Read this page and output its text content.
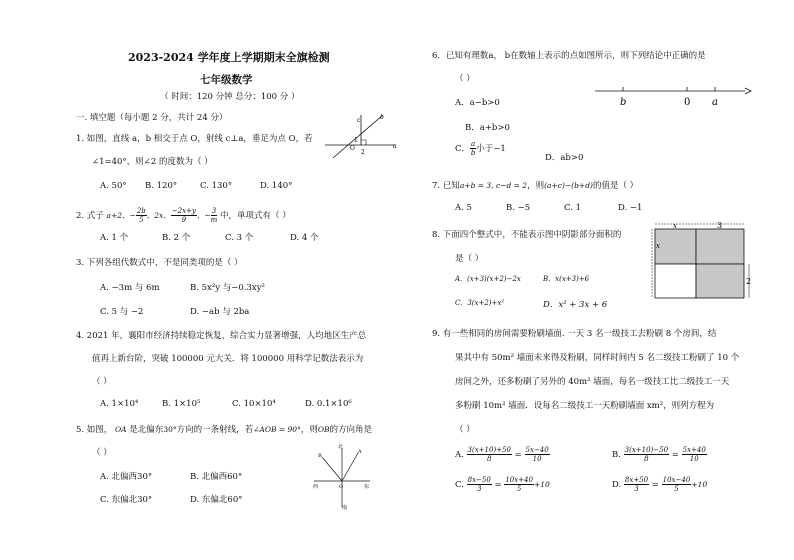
2023-2024 学年度上学期期末全旗检测
七年级数学
（ 时间：120 分钟 总分：100 分 ）
一. 填空题（每小题 2 分，共计 24 分）
1. 如图，直线 a，b 相交于点 O，射线 c⊥a，垂足为点 O，若
∠1=40°，则∠2 的度数为（ ）
A. 50° B. 120°	C. 130°	D. 140°
c
1
2
a
b
O
2. 式子 a+2、− $\frac{2b}{5}$ 、2x、 $\frac{-2x+y}{9}$ 、− $\frac{3}{m}$ 中，单项式有（ ）
A. 1 个	B. 2 个	C. 3 个	D. 4 个
3. 下列各组代数式中，不是同类项的是（ ）
A. −3m 与 6m	B. 5x²y 与−0.3xy²
C. 5 与 −2	D. −ab 与 2ba
4. 2021 年，襄阳市经济持续稳定恢复，综合实力显著增强，人均地区生产总
值再上新台阶，突破 100000 元大关．将 100000 用科学记数法表示为
（ ）
A. 1×10⁴	B. 1×10⁵	C. 10×10⁴	D. 0.1×10⁶
5. 如图， OA 是北偏东30°方向的一条射线，若∠AOB = 90°，则OB的方向角是
（ ）
A. 北偏西30°	B. 北偏西60°
C. 东偏北30°	D. 东偏北60°
北
A
B
西	东
O
南
6．已知有理数a， b在数轴上表示的点如图所示，则下列结论中正确的是
（ ）
A．a−b>0
B．a+b>0
C． $\frac{a}{b}$ 小于−1
D．ab>0
b	0 a
7. 已知a+b = 3, c−d = 2，则(a+c)−(b+d)的值是（ ）
A. 5	B. −5	C. 1	D. −1
8. 下面四个整式中，不能表示图中阴影部分面积的
是（ ）
A．(x+3)(x+2)−2x	B．x(x+3)+6
C．3(x+2)+x²	D．x² + 3x + 6
x	3
x
2
9. 有一些相同的房间需要粉刷墙面. 一天 3 名一级技工去粉刷 8 个房间，结
果其中有 50m² 墙面未来得及粉刷，同样时间内 5 名二级技工粉刷了 10 个
房间之外，还多粉刷了另外的 40m² 墙面，每名一级技工比二级技工一天
多粉刷 10m² 墙面．设每名二级技工一天粉刷墙面 xm²，则列方程为
（ ）
A. $\frac{3(x+10)+50}{8} = \frac{5x-40}{10}$	B. $\frac{3(x+10)-50}{8} = \frac{5x+40}{10}$
C. $\frac{8x-50}{3} = \frac{10x+40}{5} +10$	D. $\frac{8x+50}{3} = \frac{10x-40}{5} +10$
